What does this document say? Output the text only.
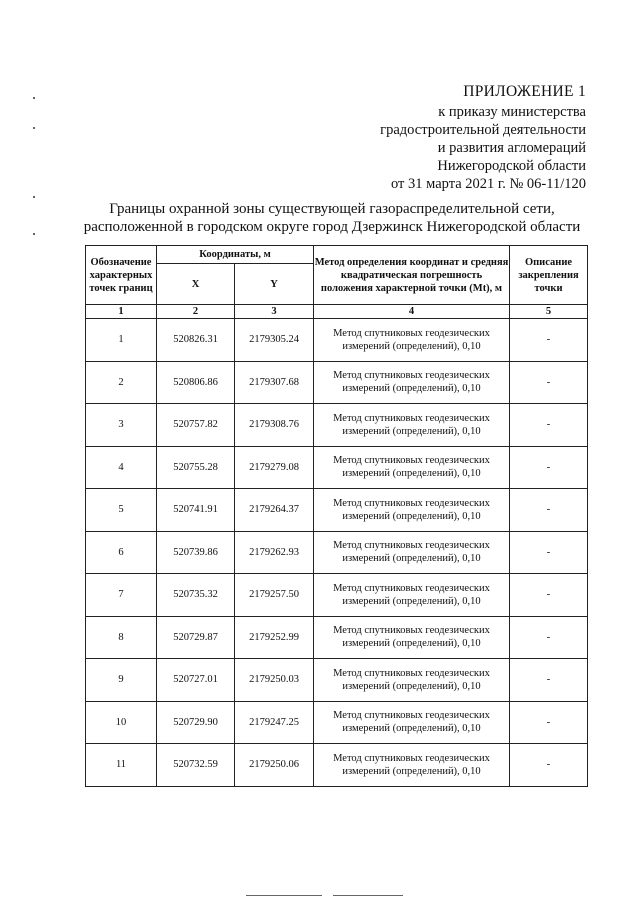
ПРИЛОЖЕНИЕ 1
к приказу министерства
градостроительной деятельности
и развития агломераций
Нижегородской области
от 31 марта 2021 г. № 06-11/120
Границы охранной зоны существующей газораспределительной сети,
расположенной в городском округе город Дзержинск Нижегородской области
Обозначение характерных точек границ	Координаты, м		Метод определения координат и средняя квадратическая погрешность положения характерной точки (Mt), м	Описание закрепления точки
	X	Y		
1	2	3	4	5
1	520826.31	2179305.24	Метод спутниковых геодезических измерений (определений), 0,10	-
2	520806.86	2179307.68	Метод спутниковых геодезических измерений (определений), 0,10	-
3	520757.82	2179308.76	Метод спутниковых геодезических измерений (определений), 0,10	-
4	520755.28	2179279.08	Метод спутниковых геодезических измерений (определений), 0,10	-
5	520741.91	2179264.37	Метод спутниковых геодезических измерений (определений), 0,10	-
6	520739.86	2179262.93	Метод спутниковых геодезических измерений (определений), 0,10	-
7	520735.32	2179257.50	Метод спутниковых геодезических измерений (определений), 0,10	-
8	520729.87	2179252.99	Метод спутниковых геодезических измерений (определений), 0,10	-
9	520727.01	2179250.03	Метод спутниковых геодезических измерений (определений), 0,10	-
10	520729.90	2179247.25	Метод спутниковых геодезических измерений (определений), 0,10	-
11	520732.59	2179250.06	Метод спутниковых геодезических измерений (определений), 0,10	-
